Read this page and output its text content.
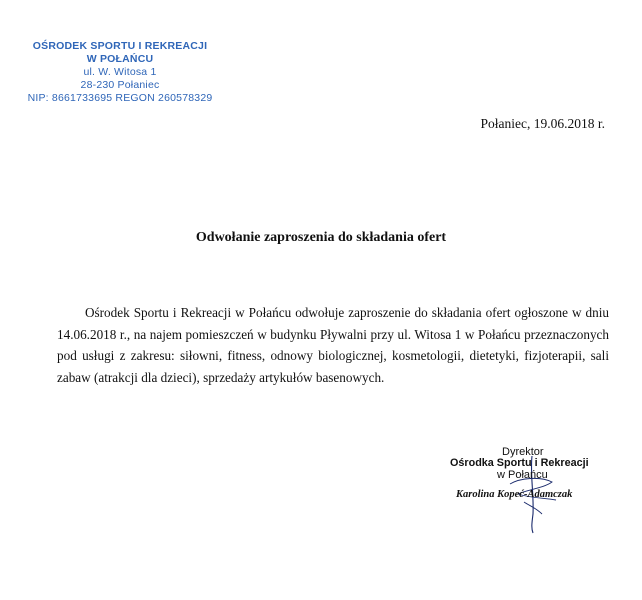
OŚRODEK SPORTU I REKREACJI
W POŁAŃCU
ul. W. Witosa 1
28-230 Połaniec
NIP: 8661733695 REGON 260578329
Połaniec, 19.06.2018 r.
Odwołanie zaproszenia do składania ofert

Ośrodek Sportu i Rekreacji w Połańcu odwołuje zaproszenie do składania ofert ogłoszone w dniu 14.06.2018 r., na najem pomieszczeń w budynku Pływalni przy ul. Witosa 1 w Połańcu przeznaczonych pod usługi z zakresu: siłowni, fitness, odnowy biologicznej, kosmetologii, dietetyki, fizjoterapii, sali zabaw (atrakcji dla dzieci), sprzedaży artykułów basenowych.

Dyrektor
Ośrodka Sportu i Rekreacji
w Połańcu
Karolina Kopeć-Adamczak
